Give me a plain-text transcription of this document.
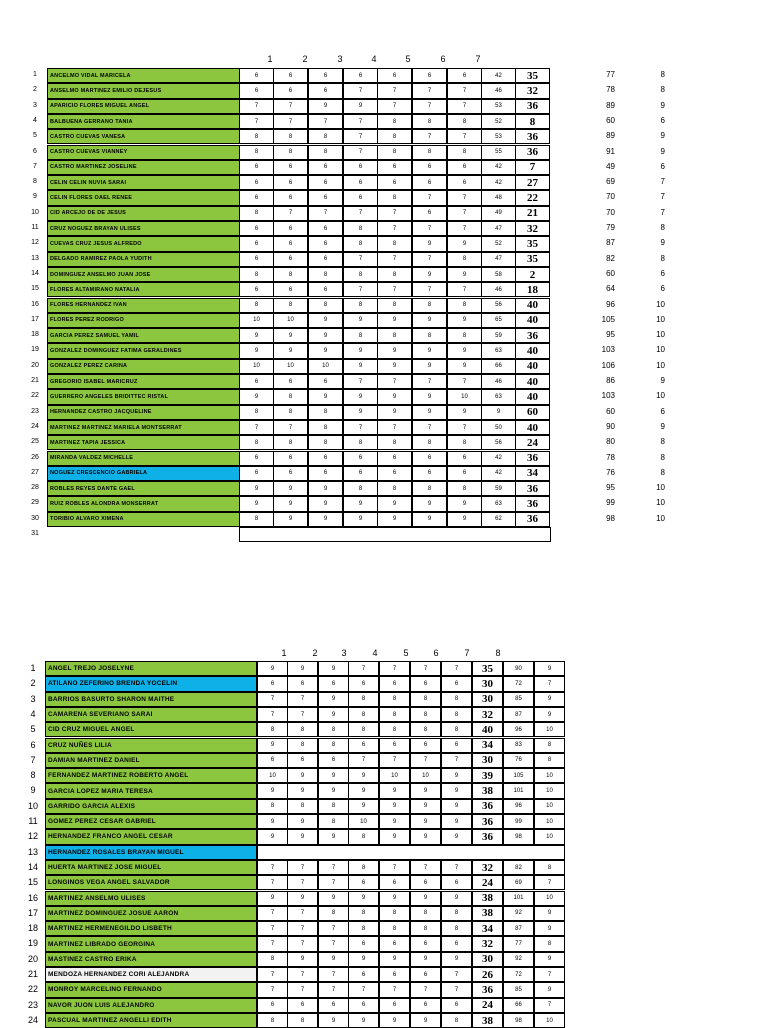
1	2	3	4	5	6	7
1	ANCELMO VIDAL MARICELA	6	6	6	6	6	6	6	42	35	77	8
2	ANSELMO MARTINEZ EMILIO DEJESUS	6	6	6	7	7	7	7	46	32	78	8
3	APARICIO FLORES MIGUEL ANGEL	7	7	9	9	7	7	7	53	36	89	9
4	BALBUENA GERRANO TANIA	7	7	7	7	8	8	8	52	8	60	6
5	CASTRO CUEVAS VANESA	8	8	8	7	8	7	7	53	36	89	9
6	CASTRO CUEVAS VIANNEY	8	8	8	7	8	8	8	55	36	91	9
7	CASTRO MARTINEZ JOSELINE	6	6	6	6	6	6	6	42	7	49	6
8	CELIN CELIN NUVIA SARAI	6	6	6	6	6	6	6	42	27	69	7
9	CELIN FLORES OAEL RENEE	6	6	6	6	8	7	7	48	22	70	7
10	CID ARCEJO DE DE JESUS	8	7	7	7	7	6	7	49	21	70	7
11	CRUZ NOGUEZ BRAYAN ULISES	6	6	6	8	7	7	7	47	32	79	8
12	CUEVAS CRUZ JESUS ALFREDO	6	6	6	8	8	9	9	52	35	87	9
13	DELGADO RAMIREZ PAOLA YUDITH	6	6	6	7	7	7	8	47	35	82	8
14	DOMINGUEZ ANSELMO JUAN JOSE	8	8	8	8	8	9	9	58	2	60	6
15	FLORES ALTAMIRANO NATALIA	6	6	6	7	7	7	7	46	18	64	6
16	FLORES HERNANDEZ IVAN	8	8	8	8	8	8	8	56	40	96	10
17	FLORES PEREZ RODRIGO	10	10	9	9	9	9	9	65	40	105	10
18	GARCIA PEREZ SAMUEL YAMIL	9	9	9	8	8	8	8	59	36	95	10
19	GONZALEZ DOMINGUEZ FATIMA GERALDINES	9	9	9	9	9	9	9	63	40	103	10
20	GONZALEZ PEREZ CARINA	10	10	10	9	9	9	9	66	40	106	10
21	GREGORIO ISABEL MARICRUZ	6	6	6	7	7	7	7	46	40	86	9
22	GUERRERO ANGELES BRIDITTEC RISTAL	9	8	9	9	9	9	10	63	40	103	10
23	HERNANDEZ CASTRO JACQUELINE	8	8	8	9	9	9	9	9	60	60	6
24	MARTINEZ MARTINEZ MARIELA MONTSERRAT	7	7	8	7	7	7	7	50	40	90	9
25	MARTINEZ TAPIA JESSICA	8	8	8	8	8	8	8	56	24	80	8
26	MIRANDA VALDEZ MICHELLE	6	6	6	6	6	6	6	42	36	78	8
27	NOGUEZ CRESCENCIO GABRIELA	6	6	6	6	6	6	6	42	34	76	8
28	ROBLES REYES DANTE GAEL	9	9	9	8	8	8	8	59	36	95	10
29	RUIZ ROBLES ALONDRA MONSERRAT	9	9	9	9	9	9	9	63	36	99	10
30	TORIBIO ALVARO XIMENA	8	9	9	9	9	9	9	62	36	98	10
31
1	2	3	4	5	6	7	8
1	ANGEL TREJO JOSELYNE	9	9	9	7	7	7	7	35	90	9
2	ATILANO ZEFERINO BRENDA YOCELIN	6	6	6	6	6	6	6	30	72	7
3	BARRIOS BASURTO SHARON MAITHE	7	7	9	8	8	8	8	30	85	9
4	CAMARENA SEVERIANO SARAI	7	7	9	8	8	8	8	32	87	9
5	CID CRUZ MIGUEL ANGEL	8	8	8	8	8	8	8	40	96	10
6	CRUZ NUÑES LILIA	9	8	8	6	6	6	6	34	83	8
7	DAMIAN MARTINEZ DANIEL	6	6	6	7	7	7	7	30	76	8
8	FERNANDEZ MARTINEZ ROBERTO ANGEL	10	9	9	9	10	10	9	39	105	10
9	GARCIA LOPEZ MARIA TERESA	9	9	9	9	9	9	9	38	101	10
10	GARRIDO GARCIA ALEXIS	8	8	8	9	9	9	9	36	96	10
11	GOMEZ PEREZ CESAR GABRIEL	9	9	8	10	9	9	9	36	99	10
12	HERNANDEZ FRANCO ANGEL CESAR	9	9	9	8	9	9	9	36	98	10
13	HERNANDEZ ROSALES BRAYAN MIGUEL
14	HUERTA MARTINEZ JOSE MIGUEL	7	7	7	8	7	7	7	32	82	8
15	LONGINOS VEGA ANGEL SALVADOR	7	7	7	6	6	6	6	24	69	7
16	MARTINEZ ANSELMO ULISES	9	9	9	9	9	9	9	38	101	10
17	MARTINEZ DOMINGUEZ JOSUE AARON	7	7	8	8	8	8	8	38	92	9
18	MARTINEZ HERMENEGILDO LISBETH	7	7	7	8	8	8	8	34	87	9
19	MARTINEZ LIBRADO GEORGINA	7	7	7	6	6	6	6	32	77	8
20	MASTINEZ CASTRO ERIKA	8	9	9	9	9	9	9	30	92	9
21	MENDOZA HERNANDEZ CORI ALEJANDRA	7	7	7	6	6	6	7	26	72	7
22	MONROY MARCELINO FERNANDO	7	7	7	7	7	7	7	36	85	9
23	NAVOR JUON LUIS ALEJANDRO	6	6	6	6	6	6	6	24	66	7
24	PASCUAL MARTINEZ ANGELLI EDITH	8	8	9	9	9	9	8	38	98	10
